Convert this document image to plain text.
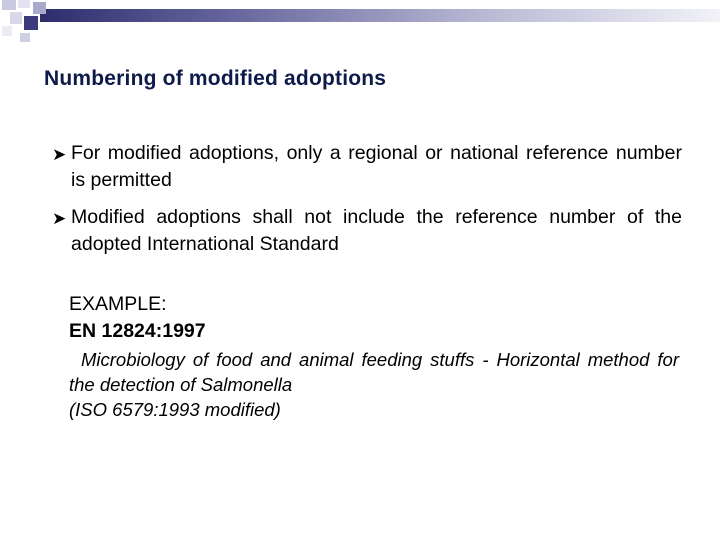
Numbering of modified adoptions
➤ For modified adoptions, only a regional or national reference number is permitted
➤ Modified adoptions shall not include the reference number of the adopted International Standard
EXAMPLE:
EN 12824:1997
Microbiology of food and animal feeding stuffs - Horizontal method for the detection of Salmonella
(ISO 6579:1993 modified)
